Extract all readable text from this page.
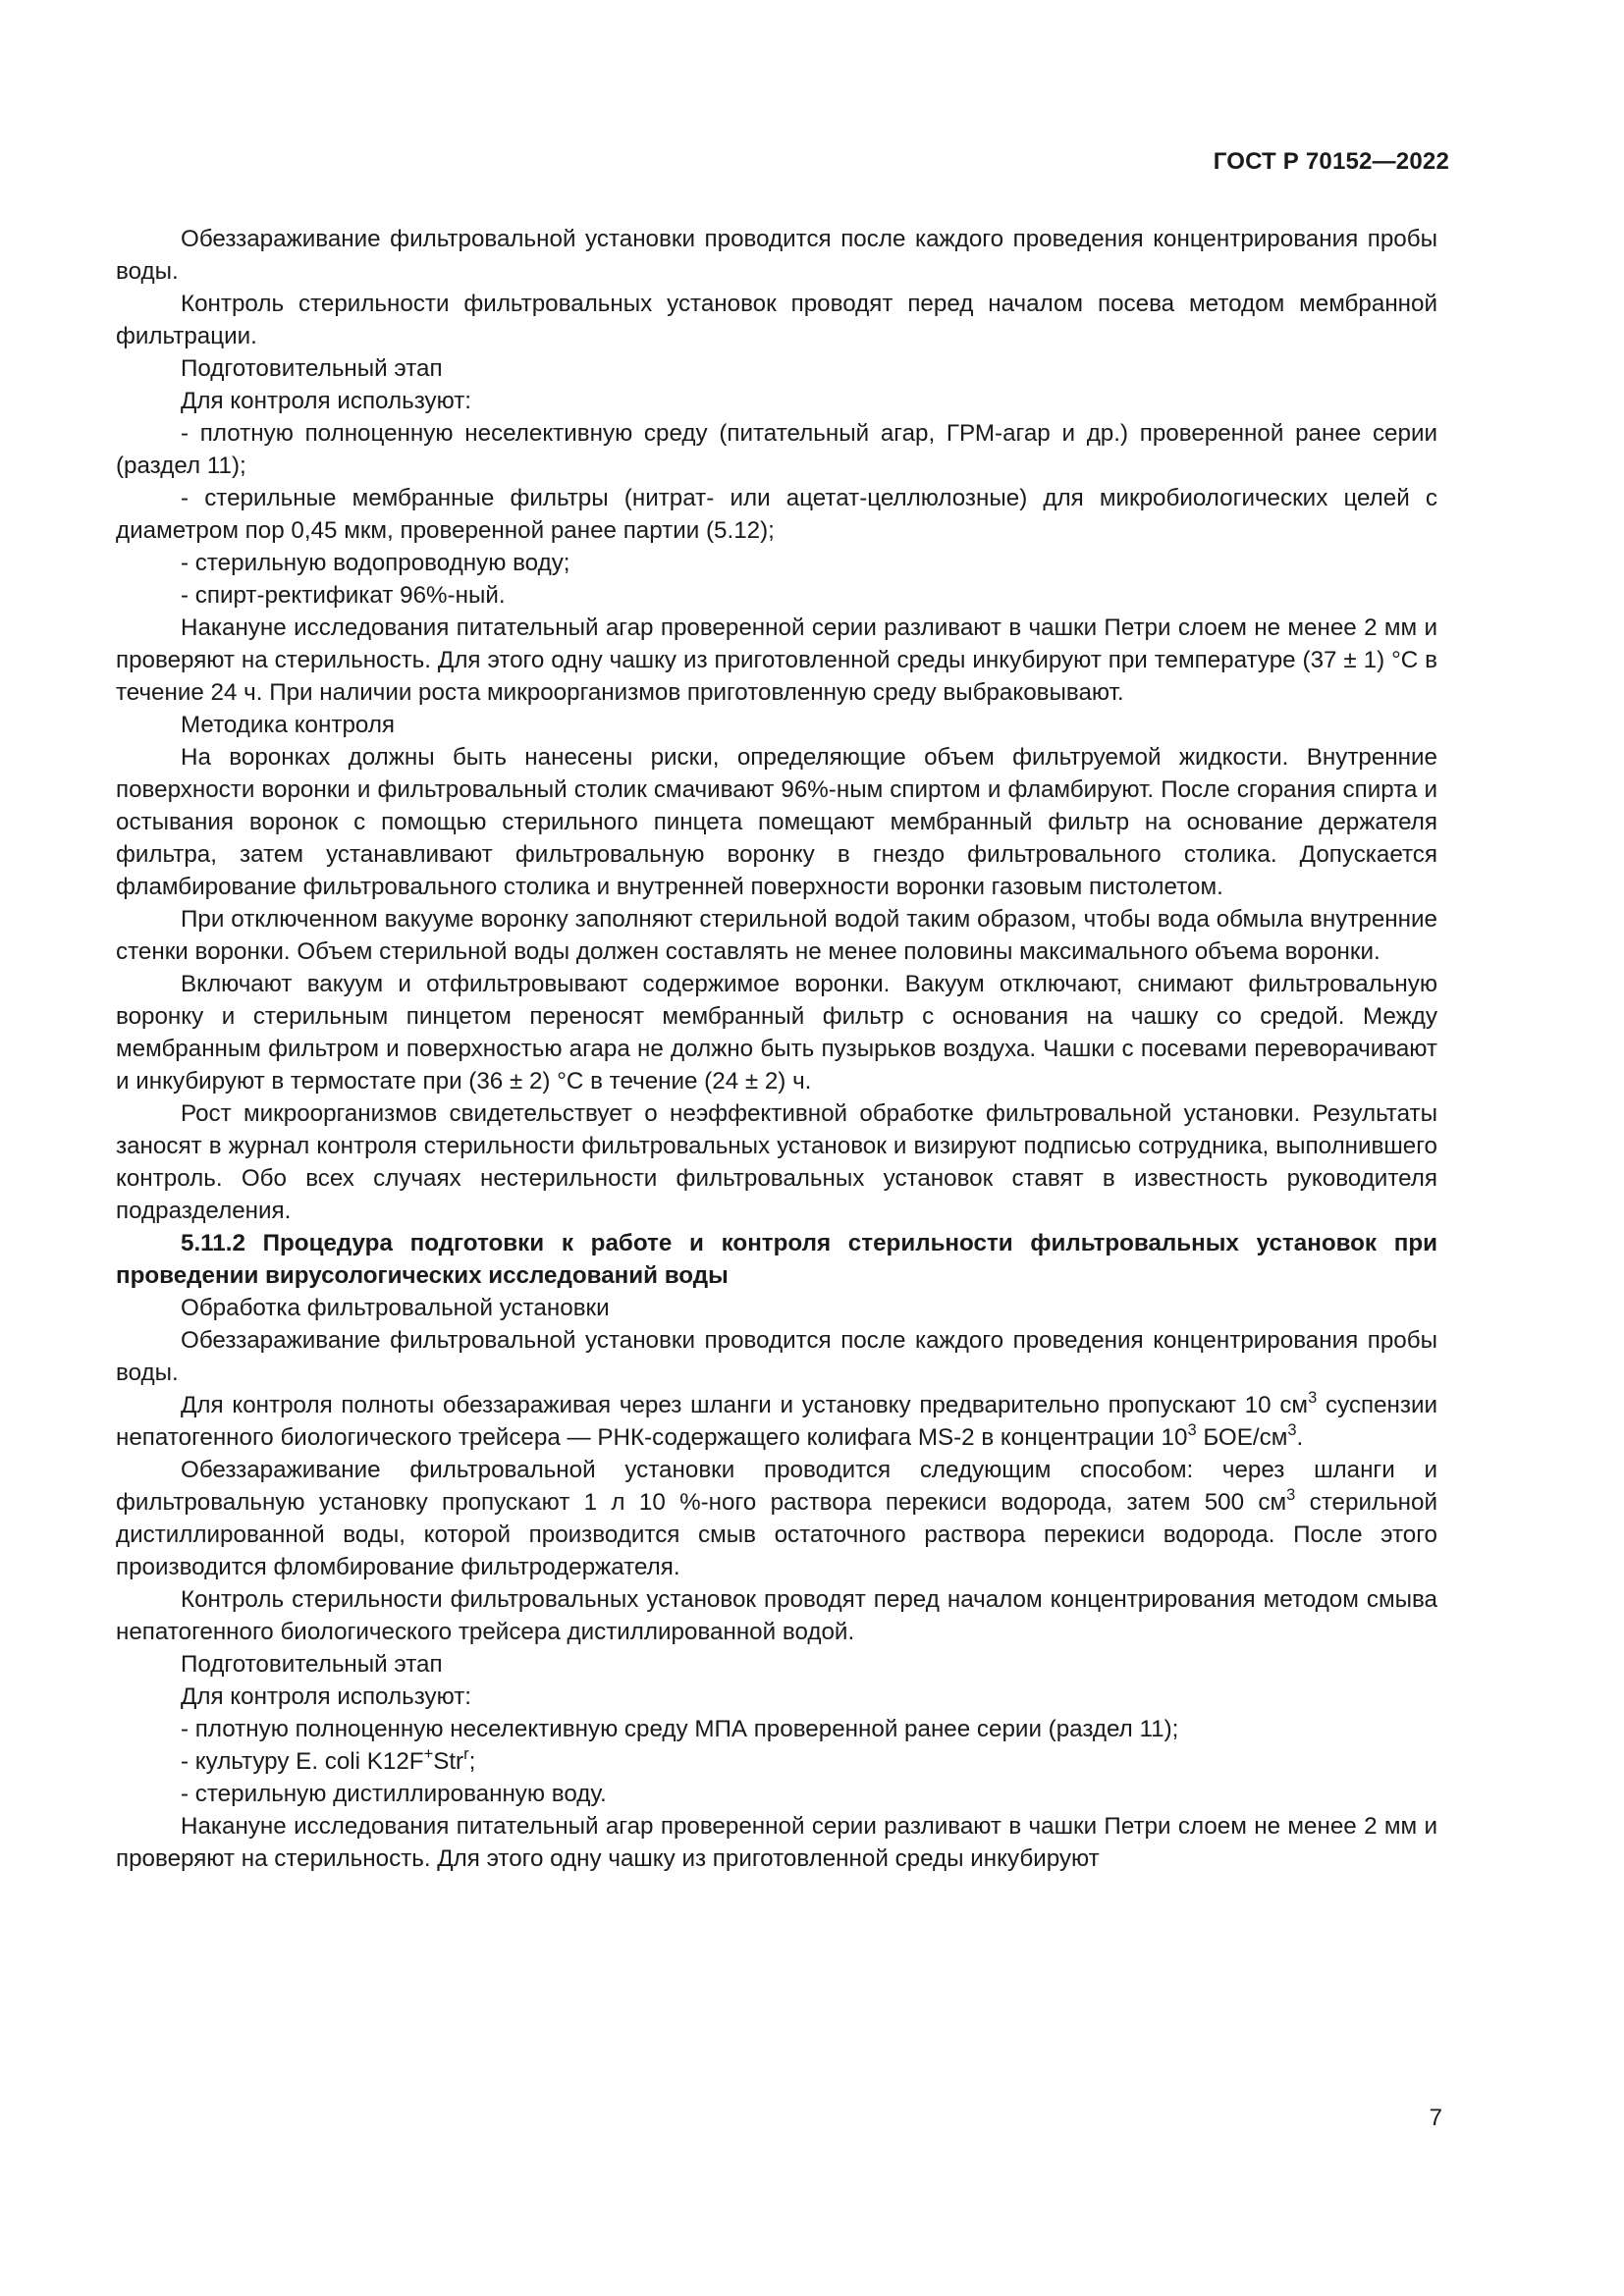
ГОСТ Р 70152—2022

Обеззараживание фильтровальной установки проводится после каждого проведения концентрирования пробы воды.

Контроль стерильности фильтровальных установок проводят перед началом посева методом мембранной фильтрации.

Подготовительный этап

Для контроля используют:

- плотную полноценную неселективную среду (питательный агар, ГРМ-агар и др.) проверенной ранее серии (раздел 11);

- стерильные мембранные фильтры (нитрат- или ацетат-целлюлозные) для микробиологических целей с диаметром пор 0,45 мкм, проверенной ранее партии (5.12);

- стерильную водопроводную воду;

- спирт-ректификат 96%-ный.

Накануне исследования питательный агар проверенной серии разливают в чашки Петри слоем не менее 2 мм и проверяют на стерильность. Для этого одну чашку из приготовленной среды инкубируют при температуре (37 ± 1) °С в течение 24 ч. При наличии роста микроорганизмов приготовленную среду выбраковывают.

Методика контроля

На воронках должны быть нанесены риски, определяющие объем фильтруемой жидкости. Внутренние поверхности воронки и фильтровальный столик смачивают 96%-ным спиртом и фламбируют. После сгорания спирта и остывания воронок с помощью стерильного пинцета помещают мембранный фильтр на основание держателя фильтра, затем устанавливают фильтровальную воронку в гнездо фильтровального столика. Допускается фламбирование фильтровального столика и внутренней поверхности воронки газовым пистолетом.

При отключенном вакууме воронку заполняют стерильной водой таким образом, чтобы вода обмыла внутренние стенки воронки. Объем стерильной воды должен составлять не менее половины максимального объема воронки.

Включают вакуум и отфильтровывают содержимое воронки. Вакуум отключают, снимают фильтровальную воронку и стерильным пинцетом переносят мембранный фильтр с основания на чашку со средой. Между мембранным фильтром и поверхностью агара не должно быть пузырьков воздуха. Чашки с посевами переворачивают и инкубируют в термостате при (36 ± 2) °С в течение (24 ± 2) ч.

Рост микроорганизмов свидетельствует о неэффективной обработке фильтровальной установки. Результаты заносят в журнал контроля стерильности фильтровальных установок и визируют подписью сотрудника, выполнившего контроль. Обо всех случаях нестерильности фильтровальных установок ставят в известность руководителя подразделения.

5.11.2 Процедура подготовки к работе и контроля стерильности фильтровальных установок при проведении вирусологических исследований воды

Обработка фильтровальной установки

Обеззараживание фильтровальной установки проводится после каждого проведения концентрирования пробы воды.

Для контроля полноты обеззараживая через шланги и установку предварительно пропускают 10 $см^3$ суспензии непатогенного биологического трейсера — РНК-содержащего колифага MS-2 в концентрации $10^3$ БОЕ/$см^3$.

Обеззараживание фильтровальной установки проводится следующим способом: через шланги и фильтровальную установку пропускают 1 л 10 %-ного раствора перекиси водорода, затем 500 $см^3$ стерильной дистиллированной воды, которой производится смыв остаточного раствора перекиси водорода. После этого производится фломбирование фильтродержателя.

Контроль стерильности фильтровальных установок проводят перед началом концентрирования методом смыва непатогенного биологического трейсера дистиллированной водой.

Подготовительный этап

Для контроля используют:

- плотную полноценную неселективную среду МПА проверенной ранее серии (раздел 11);

- культуру E. coli K12F+Str$^r$;

- стерильную дистиллированную воду.

Накануне исследования питательный агар проверенной серии разливают в чашки Петри слоем не менее 2 мм и проверяют на стерильность. Для этого одну чашку из приготовленной среды инкубируют

7
